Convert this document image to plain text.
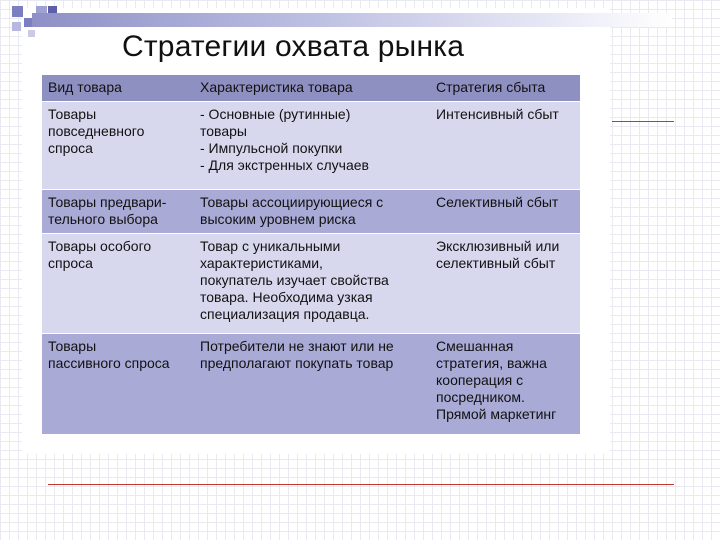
Стратегии охвата рынка
Вид товара	Характеристика товара	Стратегия сбыта

Товары
повседневного
спроса	- Основные (рутинные)
товары
- Импульсной покупки
- Для экстренных случаев	Интенсивный сбыт

Товары предвари-
тельного выбора	Товары ассоциирующиеся с
высоким уровнем риска	Селективный сбыт

Товары особого
спроса	Товар с уникальными
характеристиками,
покупатель изучает свойства
товара. Необходима узкая
специализация продавца.	Эксклюзивный или
селективный сбыт

Товары
пассивного спроса	Потребители не знают или не
предполагают покупать товар	Смешанная
стратегия, важна
кооперация с
посредником.
Прямой маркетинг
